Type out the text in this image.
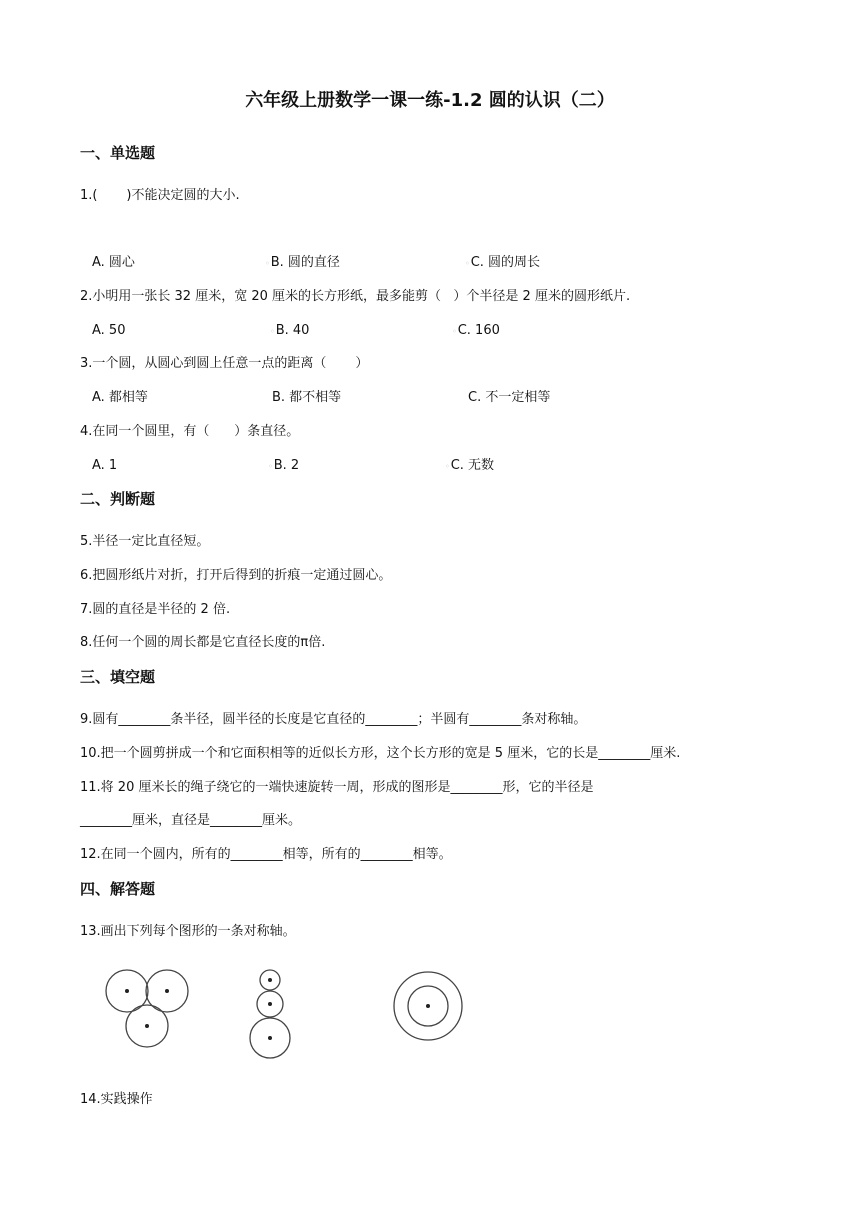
六年级上册数学一课一练-1.2 圆的认识（二）
一、单选题
1.(       )不能决定圆的大小.
A. 圆心	◦B. 圆的直径	◦C. 圆的周长
2.小明用一张长 32 厘米，宽 20 厘米的长方形纸，最多能剪（   ）个半径是 2 厘米的圆形纸片.
A. 50	◦B. 40	◦C. 160
3.一个圆，从圆心到圆上任意一点的距离（       ）
A. 都相等	B. 都不相等	C. 不一定相等
4.在同一个圆里，有（      ）条直径。
A. 1	◦B. 2	◦C. 无数
二、判断题
5.半径一定比直径短。
6.把圆形纸片对折，打开后得到的折痕一定通过圆心。
7.圆的直径是半径的 2 倍.
8.任何一个圆的周长都是它直径长度的π倍.
三、填空题
9.圆有________条半径，圆半径的长度是它直径的________；半圆有________条对称轴。
10.把一个圆剪拼成一个和它面积相等的近似长方形，这个长方形的宽是 5 厘米，它的长是________厘米.
11.将 20 厘米长的绳子绕它的一端快速旋转一周，形成的图形是________形，它的半径是
________厘米，直径是________厘米。
12.在同一个圆内，所有的________相等，所有的________相等。
四、解答题
13.画出下列每个图形的一条对称轴。
14.实践操作
